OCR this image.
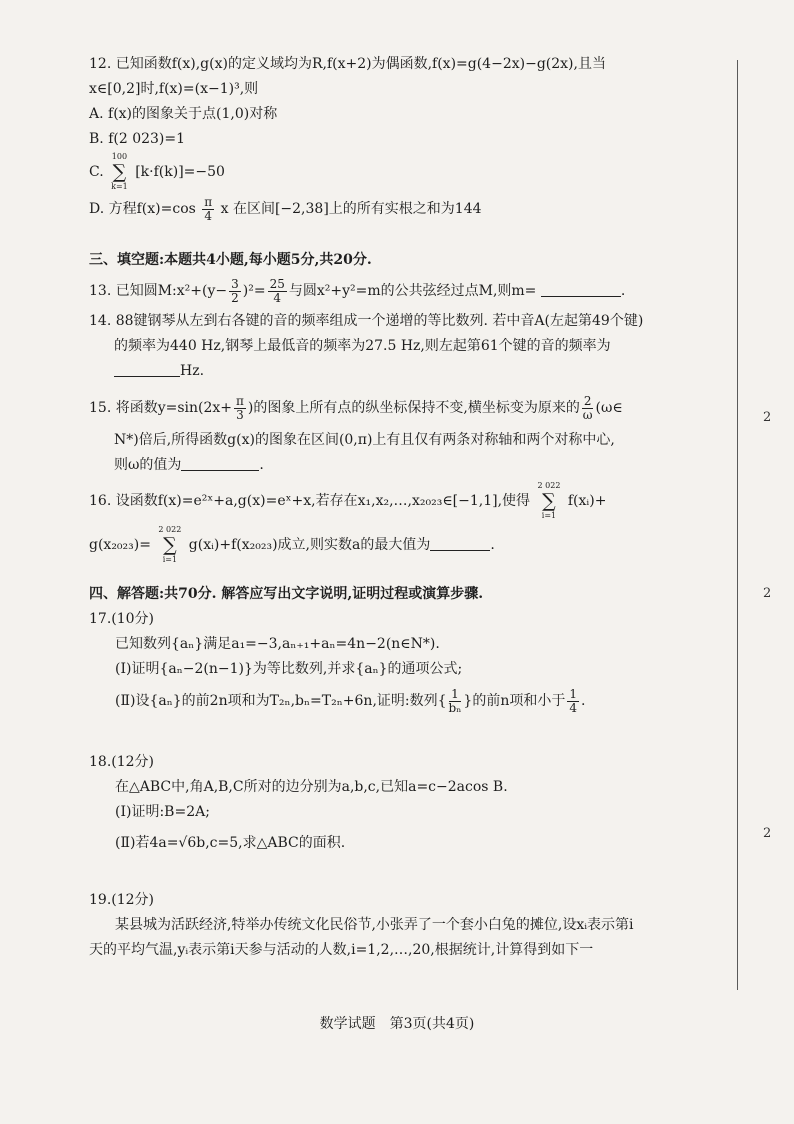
2
2
2
12. 已知函数f(x),g(x)的定义域均为R,f(x+2)为偶函数,f(x)=g(4−2x)−g(2x),且当
x∈[0,2]时,f(x)=(x−1)³,则
A. f(x)的图象关于点(1,0)对称
B. f(2 023)=1
C.
100
∑
k=1
[k·f(k)]=−50
D. 方程$f(x)=\cos \frac{\pi}{4}$ x 在区间[−2,38]上的所有实根之和为144
三、填空题:本题共4小题,每小题5分,共20分.
13. 已知圆M:x²+(y− $\frac{3}{2} )^2= \frac{25}{4}$ 与圆x²+y²=m的公共弦经过点M,则m=	.
14. 88键钢琴从左到右各键的音的频率组成一个递增的等比数列. 若中音A(左起第49个键)
的频率为440 Hz,钢琴上最低音的频率为27.5 Hz,则左起第61个键的音的频率为
Hz.
15. 将函数$y=\sin(2x+ \frac{\pi}{3}$ )的图象上所有点的纵坐标保持不变,横坐标变为原来的 $\frac{2}{\omega}$ (ω∈
N*)倍后,所得函数g(x)的图象在区间(0,π)上有且仅有两条对称轴和两个对称中心,
则ω的值为	.
16. 设函数f(x)=e²ˣ+a,g(x)=eˣ+x,若存在x₁,x₂,…,x₂₀₂₃∈[−1,1],使得
2 022
∑
i=1
f(xᵢ)+
g(x₂₀₂₃)=
2 022
∑
i=1
g(xᵢ)+f(x₂₀₂₃)成立,则实数a的最大值为	.
四、解答题:共70分. 解答应写出文字说明,证明过程或演算步骤.
17.(10分)
已知数列{aₙ}满足a₁=−3,aₙ₊₁+aₙ=4n−2(n∈N*).
(Ⅰ)证明{aₙ−2(n−1)}为等比数列,并求{aₙ}的通项公式;
(Ⅱ)设{aₙ}的前2n项和为T₂ₙ,bₙ=T₂ₙ+6n,证明:数列{ $\frac{1}{\text{bₙ}}$ }的前n项和小于 $\frac{1}{4}$ .
18.(12分)
在△ABC中,角A,B,C所对的边分别为a,b,c,已知a=c−2acos B.
(Ⅰ)证明:B=2A;
(Ⅱ)若4a=√6b,c=5,求△ABC的面积.
19.(12分)
某县城为活跃经济,特举办传统文化民俗节,小张弄了一个套小白兔的摊位,设xᵢ表示第i
天的平均气温,yᵢ表示第i天参与活动的人数,i=1,2,…,20,根据统计,计算得到如下一
数学试题　第3页(共4页)
